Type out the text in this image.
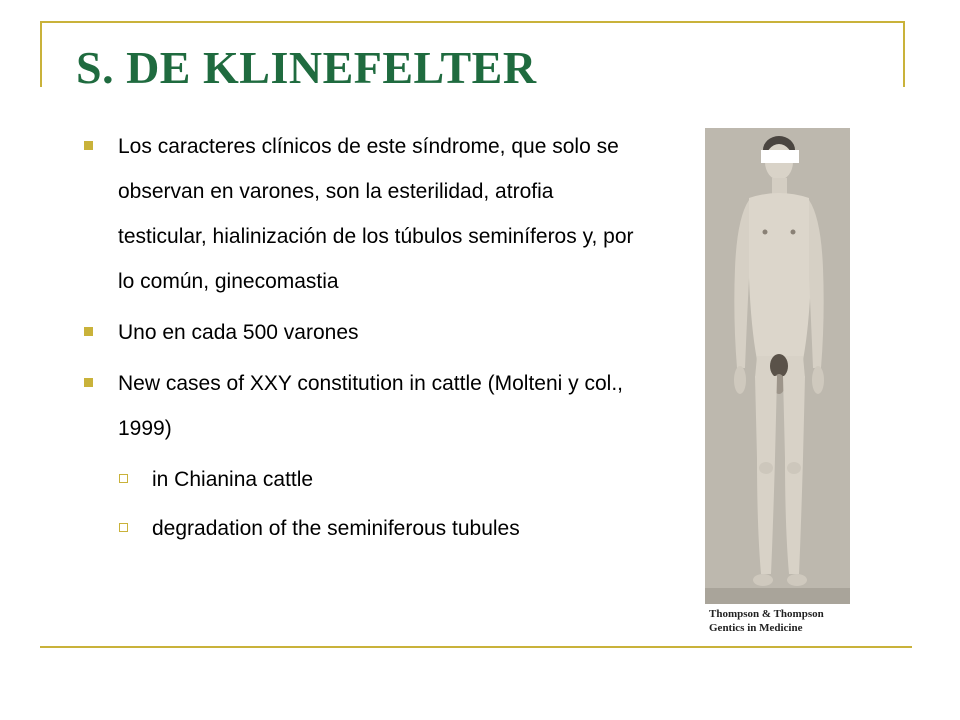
S. DE KLINEFELTER
Los caracteres clínicos de este síndrome, que solo se observan en varones, son la esterilidad, atrofia testicular, hialinización de los túbulos seminíferos y, por lo común, ginecomastia
Uno en cada 500 varones
New cases of XXY constitution in cattle (Molteni y col., 1999)
in Chianina cattle
degradation of the seminiferous tubules
Thompson & Thompson
Gentics in Medicine
